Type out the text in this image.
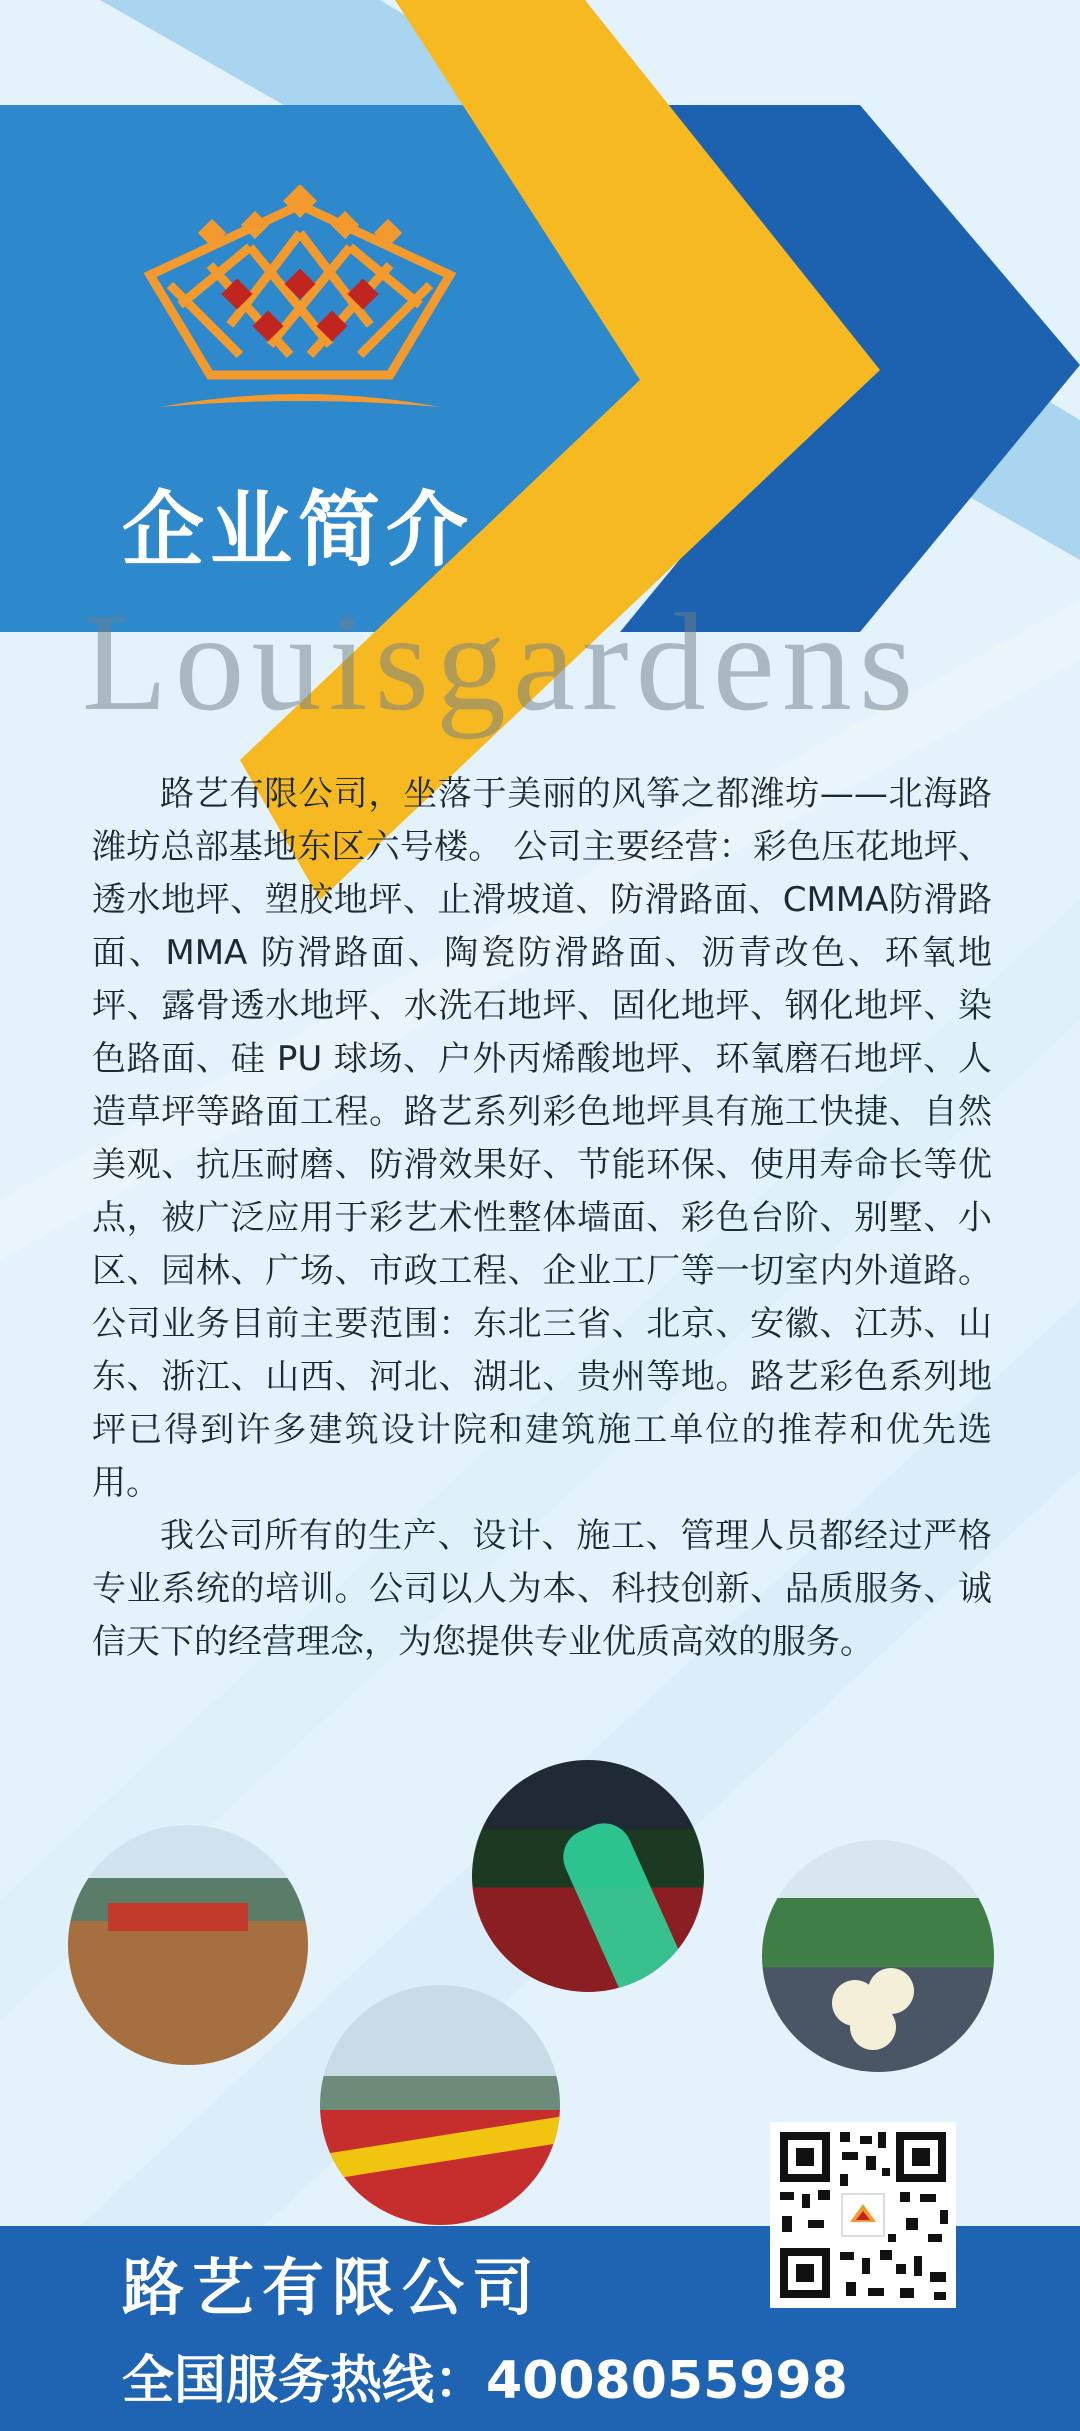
企业简介
Louisgardens

路艺有限公司，坐落于美丽的风筝之都潍坊——北海路潍坊总部基地东区六号楼。 公司主要经营：彩色压花地坪、透水地坪、塑胶地坪、止滑坡道、防滑路面、CMMA防滑路面、MMA 防滑路面、陶瓷防滑路面、沥青改色、环氧地坪、露骨透水地坪、水洗石地坪、固化地坪、钢化地坪、染色路面、硅 PU 球场、户外丙烯酸地坪、环氧磨石地坪、人造草坪等路面工程。路艺系列彩色地坪具有施工快捷、自然美观、抗压耐磨、防滑效果好、节能环保、使用寿命长等优点，被广泛应用于彩艺术性整体墙面、彩色台阶、别墅、小区、园林、广场、市政工程、企业工厂等一切室内外道路。公司业务目前主要范围：东北三省、北京、安徽、江苏、山东、浙江、山西、河北、湖北、贵州等地。路艺彩色系列地坪已得到许多建筑设计院和建筑施工单位的推荐和优先选用。

我公司所有的生产、设计、施工、管理人员都经过严格专业系统的培训。公司以人为本、科技创新、品质服务、诚信天下的经营理念，为您提供专业优质高效的服务。

路艺有限公司
全国服务热线：4008055998
